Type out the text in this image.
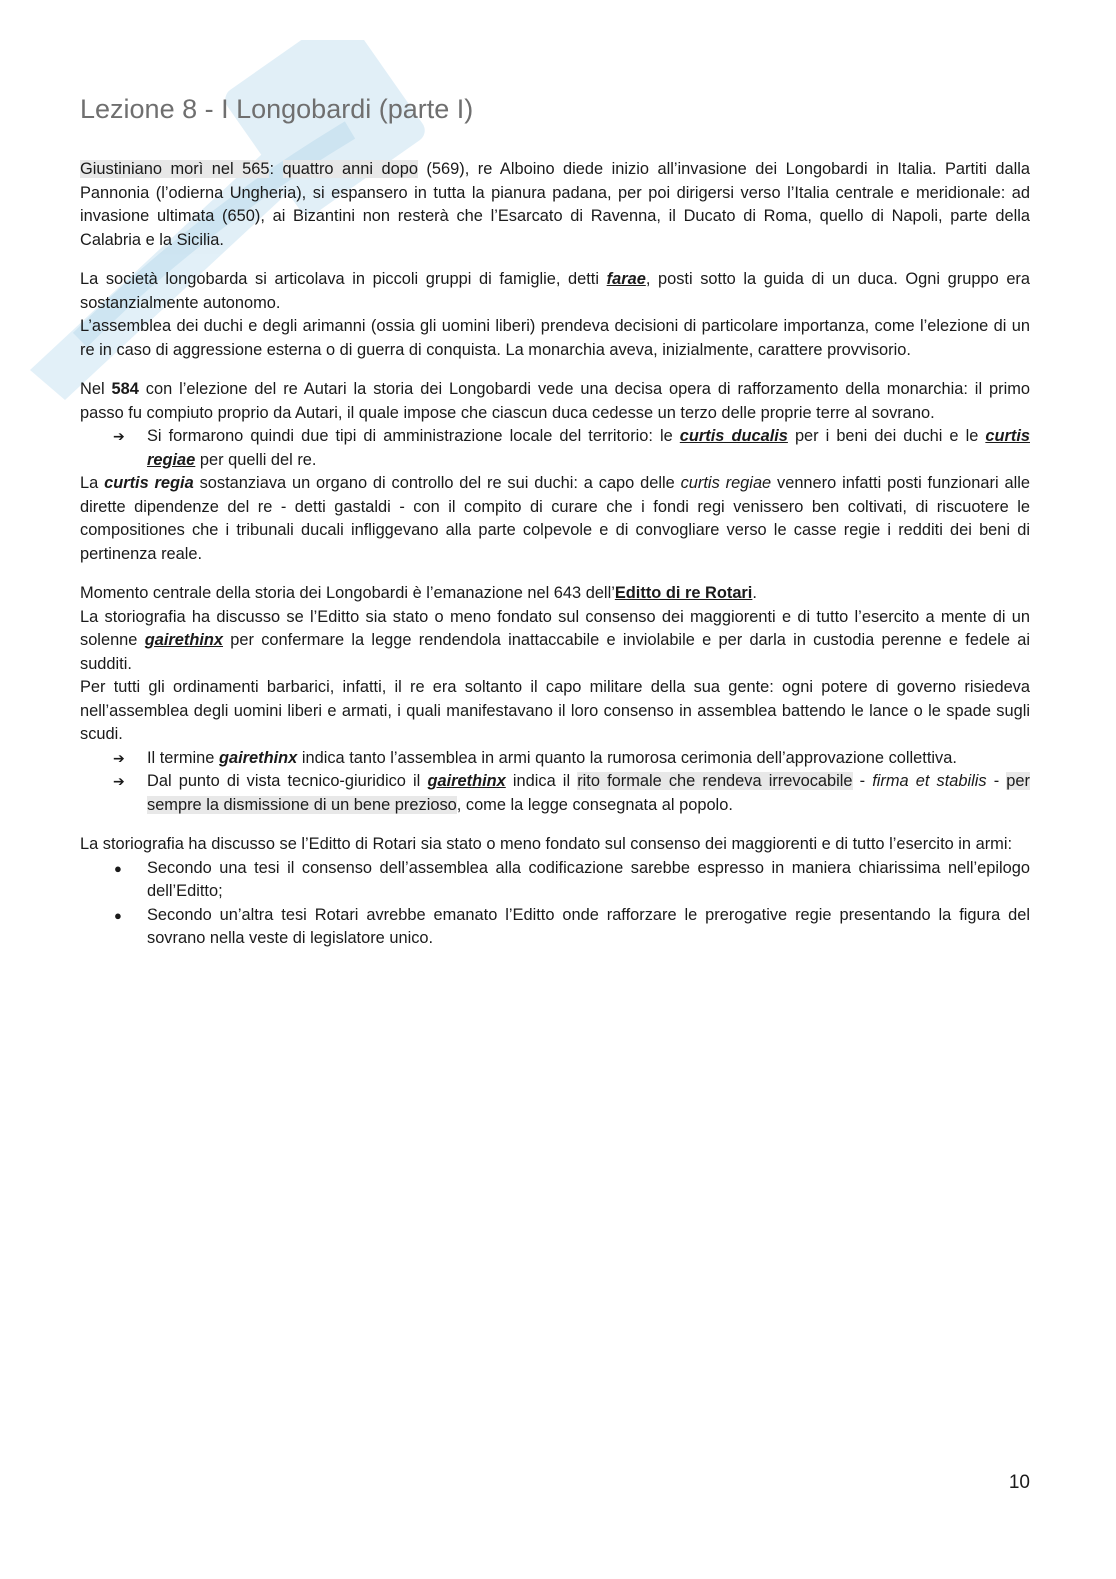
Lezione 8 - I Longobardi (parte I)

Giustiniano morì nel 565: quattro anni dopo (569), re Alboino diede inizio all’invasione dei Longobardi in Italia. Partiti dalla Pannonia (l’odierna Ungheria), si espansero in tutta la pianura padana, per poi dirigersi verso l’Italia centrale e meridionale: ad invasione ultimata (650), ai Bizantini non resterà che l’Esarcato di Ravenna, il Ducato di Roma, quello di Napoli, parte della Calabria e la Sicilia.

La società longobarda si articolava in piccoli gruppi di famiglie, detti farae, posti sotto la guida di un duca. Ogni gruppo era sostanzialmente autonomo.

L’assemblea dei duchi e degli arimanni (ossia gli uomini liberi) prendeva decisioni di particolare importanza, come l’elezione di un re in caso di aggressione esterna o di guerra di conquista. La monarchia aveva, inizialmente, carattere provvisorio.

Nel 584 con l’elezione del re Autari la storia dei Longobardi vede una decisa opera di rafforzamento della monarchia: il primo passo fu compiuto proprio da Autari, il quale impose che ciascun duca cedesse un terzo delle proprie terre al sovrano.

➔ Si formarono quindi due tipi di amministrazione locale del territorio: le curtis ducalis per i beni dei duchi e le curtis regiae per quelli del re.

La curtis regia sostanziava un organo di controllo del re sui duchi: a capo delle curtis regiae vennero infatti posti funzionari alle dirette dipendenze del re - detti gastaldi - con il compito di curare che i fondi regi venissero ben coltivati, di riscuotere le compositiones che i tribunali ducali infliggevano alla parte colpevole e di convogliare verso le casse regie i redditi dei beni di pertinenza reale.

Momento centrale della storia dei Longobardi è l’emanazione nel 643 dell’Editto di re Rotari.

La storiografia ha discusso se l’Editto sia stato o meno fondato sul consenso dei maggiorenti e di tutto l’esercito a mente di un solenne gairethinx per confermare la legge rendendola inattaccabile e inviolabile e per darla in custodia perenne e fedele ai sudditi.

Per tutti gli ordinamenti barbarici, infatti, il re era soltanto il capo militare della sua gente: ogni potere di governo risiedeva nell’assemblea degli uomini liberi e armati, i quali manifestavano il loro consenso in assemblea battendo le lance o le spade sugli scudi.

➔ Il termine gairethinx indica tanto l’assemblea in armi quanto la rumorosa cerimonia dell’approvazione collettiva.
➔ Dal punto di vista tecnico-giuridico il gairethinx indica il rito formale che rendeva irrevocabile - firma et stabilis - per sempre la dismissione di un bene prezioso, come la legge consegnata al popolo.

La storiografia ha discusso se l’Editto di Rotari sia stato o meno fondato sul consenso dei maggiorenti e di tutto l’esercito in armi:

● Secondo una tesi il consenso dell’assemblea alla codificazione sarebbe espresso in maniera chiarissima nell’epilogo dell’Editto;
● Secondo un’altra tesi Rotari avrebbe emanato l’Editto onde rafforzare le prerogative regie presentando la figura del sovrano nella veste di legislatore unico.
10
